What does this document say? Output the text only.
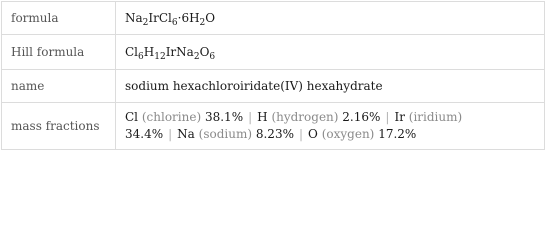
formula	$Na_2IrCl_6\cdot 6H_2O$
Hill formula	$Cl_6H_{12}IrNa_2O_6$
name	sodium hexachloroiridate(IV) hexahydrate
mass fractions	Cl (chlorine) 38.1% | H (hydrogen) 2.16% | Ir (iridium)
34.4% | Na (sodium) 8.23% | O (oxygen) 17.2%
